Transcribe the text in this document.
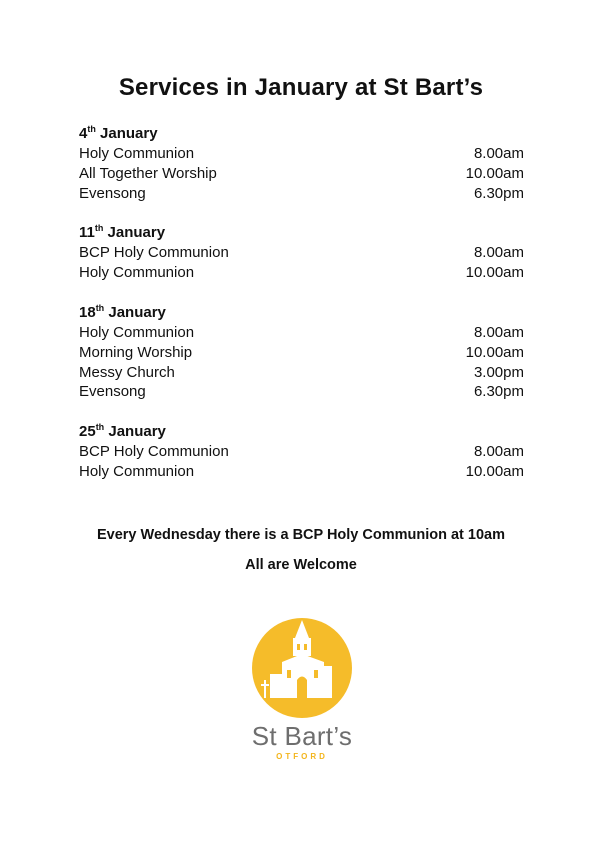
Services in January at St Bart’s
4th January
Holy Communion	8.00am
All Together Worship	10.00am
Evensong	6.30pm
11th January
BCP Holy Communion	8.00am
Holy Communion	10.00am
18th January
Holy Communion	8.00am
Morning Worship	10.00am
Messy Church	3.00pm
Evensong	6.30pm
25th January
BCP Holy Communion	8.00am
Holy Communion	10.00am
Every Wednesday there is a BCP Holy Communion at 10am
All are Welcome
St Bart’s
OTFORD
